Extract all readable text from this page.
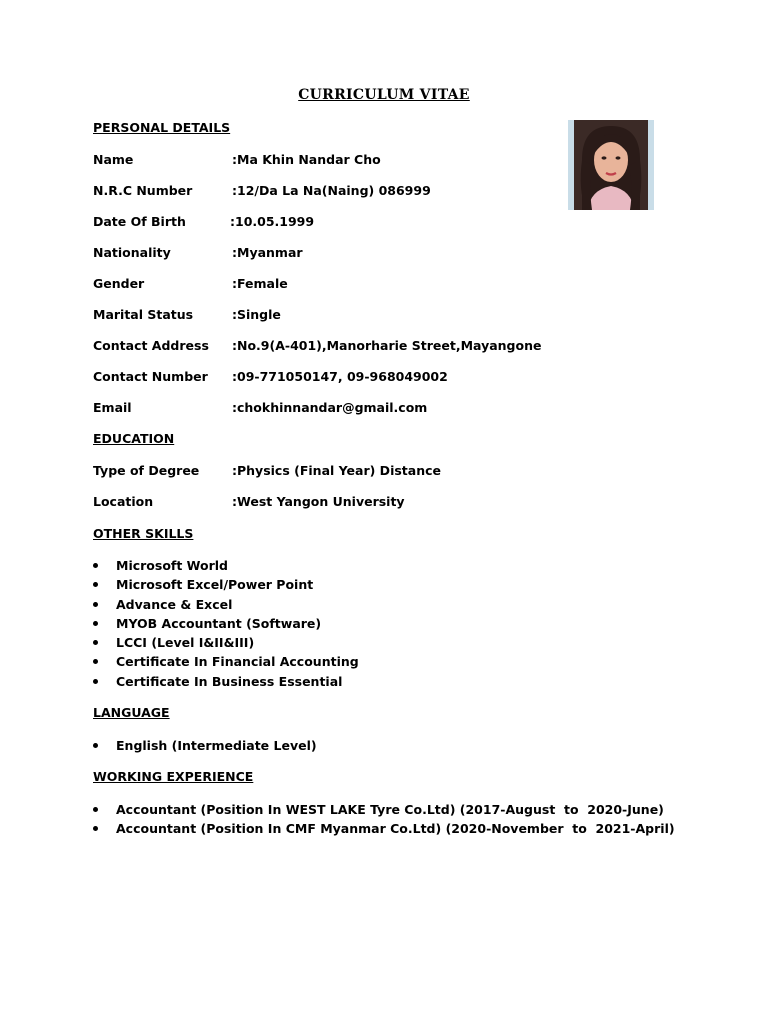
CURRICULUM VITAE
PERSONAL DETAILS
Name	:Ma Khin Nandar Cho
N.R.C Number	:12/Da La Na(Naing) 086999
Date Of Birth	:10.05.1999
Nationality	:Myanmar
Gender	:Female
Marital Status	:Single
Contact Address :No.9(A-401),Manorharie Street,Mayangone
Contact Number :09-771050147, 09-968049002
Email	:chokhinnandar@gmail.com
EDUCATION
Type of Degree	:Physics (Final Year) Distance
Location	:West Yangon University
OTHER SKILLS
Microsoft World
Microsoft Excel/Power Point
Advance & Excel
MYOB Accountant (Software)
LCCI (Level I&II&III)
Certificate In Financial Accounting
Certificate In Business Essential
LANGUAGE
English (Intermediate Level)
WORKING EXPERIENCE
Accountant (Position In WEST LAKE Tyre Co.Ltd) (2017-August  to  2020-June)
Accountant (Position In CMF Myanmar Co.Ltd) (2020-November  to  2021-April)
